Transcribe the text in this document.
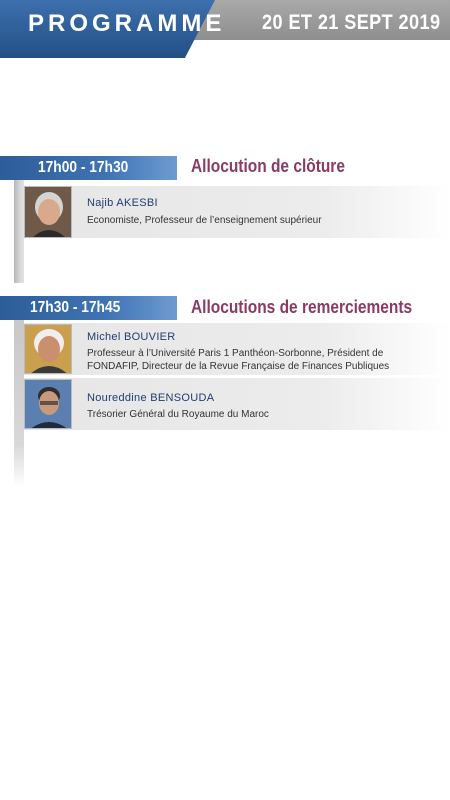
PROGRAMME 20 ET 21 SEPT 2019
17h00 - 17h30	Allocution de clôture
Najib AKESBI
Economiste, Professeur de l’enseignement supérieur
17h30 - 17h45	Allocutions de remerciements
Michel BOUVIER
Professeur à l’Université Paris 1 Panthéon-Sorbonne, Président de FONDAFIP, Directeur de la Revue Française de Finances Publiques
Noureddine BENSOUDA
Trésorier Général du Royaume du Maroc
